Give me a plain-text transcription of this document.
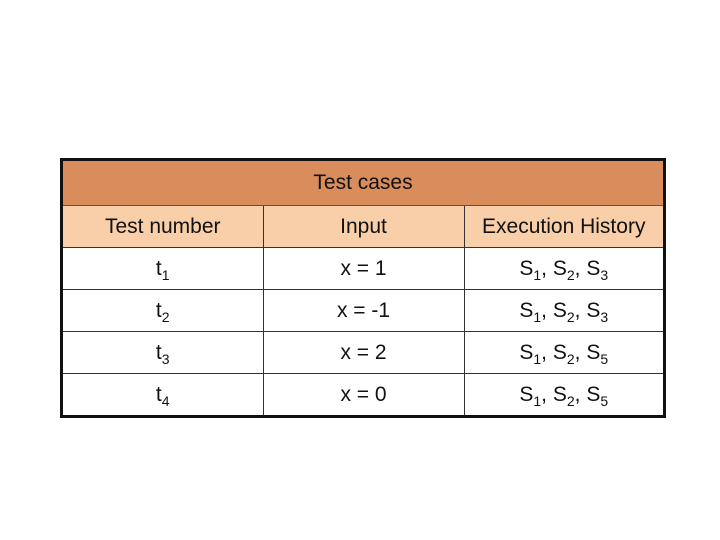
Test cases		
Test number	Input	Execution History
$t_1$	x = 1	$S_1$, $S_2$, $S_3$
$t_2$	x = -1	$S_1$, $S_2$, $S_3$
$t_3$	x = 2	$S_1$, $S_2$, $S_5$
$t_4$	x = 0	$S_1$, $S_2$, $S_5$
